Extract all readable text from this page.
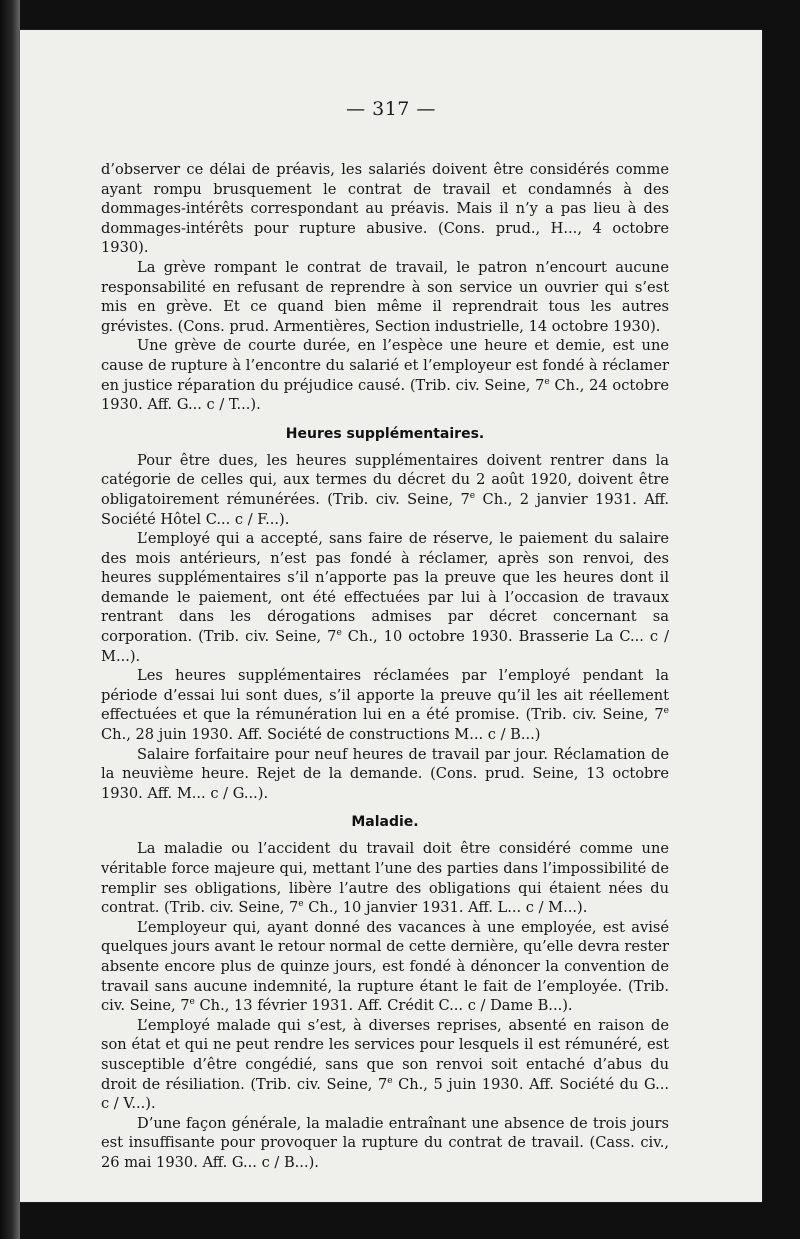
— 317 —

d’observer ce délai de préavis, les salariés doivent être considérés comme ayant rompu brusquement le contrat de travail et condamnés à des dommages-intérêts correspondant au préavis. Mais il n’y a pas lieu à des dommages-intérêts pour rupture abusive. (Cons. prud., H..., 4 octobre 1930).

La grève rompant le contrat de travail, le patron n’encourt aucune responsabilité en refusant de reprendre à son service un ouvrier qui s’est mis en grève. Et ce quand bien même il reprendrait tous les autres grévistes. (Cons. prud. Armentières, Section industrielle, 14 octobre 1930).

Une grève de courte durée, en l’espèce une heure et demie, est une cause de rupture à l’encontre du salarié et l’employeur est fondé à réclamer en justice réparation du préjudice causé. (Trib. civ. Seine, 7e Ch., 24 octobre 1930. Aff. G... c / T...).

Heures supplémentaires.

Pour être dues, les heures supplémentaires doivent rentrer dans la catégorie de celles qui, aux termes du décret du 2 août 1920, doivent être obligatoirement rémunérées. (Trib. civ. Seine, 7e Ch., 2 janvier 1931. Aff. Société Hôtel C... c / F...).

L’employé qui a accepté, sans faire de réserve, le paiement du salaire des mois antérieurs, n’est pas fondé à réclamer, après son renvoi, des heures supplémentaires s’il n’apporte pas la preuve que les heures dont il demande le paiement, ont été effectuées par lui à l’occasion de travaux rentrant dans les dérogations admises par décret concernant sa corporation. (Trib. civ. Seine, 7e Ch., 10 octobre 1930. Brasserie La C... c / M...).

Les heures supplémentaires réclamées par l’employé pendant la période d’essai lui sont dues, s’il apporte la preuve qu’il les ait réellement effectuées et que la rémunération lui en a été promise. (Trib. civ. Seine, 7e Ch., 28 juin 1930. Aff. Société de constructions M... c / B...)

Salaire forfaitaire pour neuf heures de travail par jour. Réclamation de la neuvième heure. Rejet de la demande. (Cons. prud. Seine, 13 octobre 1930. Aff. M... c / G...).

Maladie.

La maladie ou l’accident du travail doit être considéré comme une véritable force majeure qui, mettant l’une des parties dans l’impossibilité de remplir ses obligations, libère l’autre des obligations qui étaient nées du contrat. (Trib. civ. Seine, 7e Ch., 10 janvier 1931. Aff. L... c / M...).

L’employeur qui, ayant donné des vacances à une employée, est avisé quelques jours avant le retour normal de cette dernière, qu’elle devra rester absente encore plus de quinze jours, est fondé à dénoncer la convention de travail sans aucune indemnité, la rupture étant le fait de l’employée. (Trib. civ. Seine, 7e Ch., 13 février 1931. Aff. Crédit C... c / Dame B...).

L’employé malade qui s’est, à diverses reprises, absenté en raison de son état et qui ne peut rendre les services pour lesquels il est rémunéré, est susceptible d’être congédié, sans que son renvoi soit entaché d’abus du droit de résiliation. (Trib. civ. Seine, 7e Ch., 5 juin 1930. Aff. Société du G... c / V...).

D’une façon générale, la maladie entraînant une absence de trois jours est insuffisante pour provoquer la rupture du contrat de travail. (Cass. civ., 26 mai 1930. Aff. G... c / B...).
